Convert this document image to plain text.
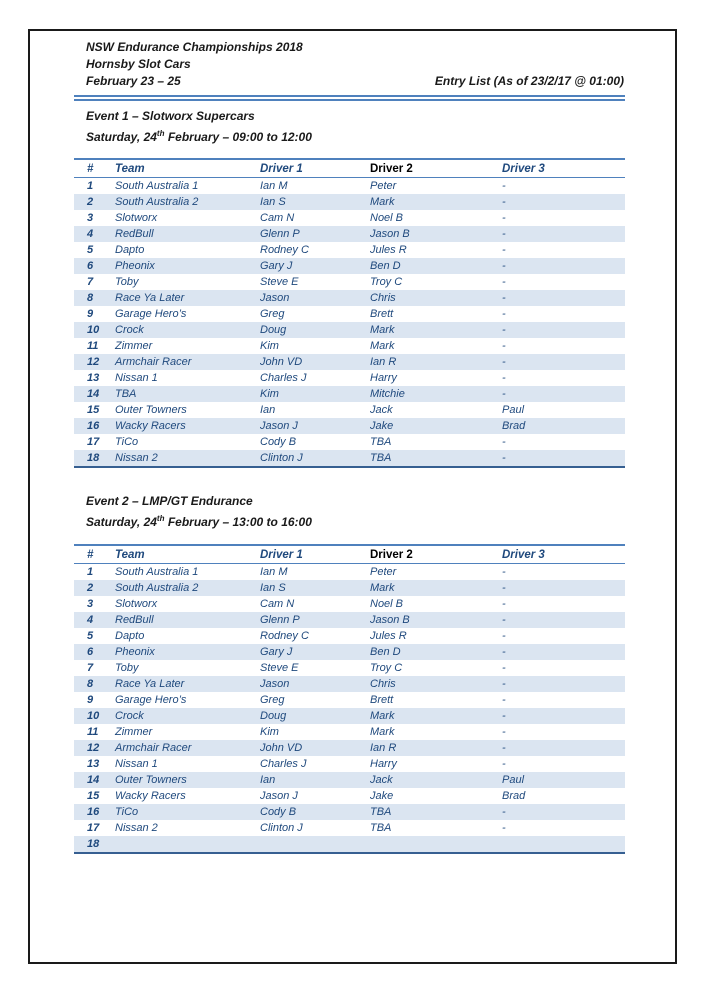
NSW Endurance Championships 2018
Hornsby Slot Cars
February 23 – 25	Entry List (As of 23/2/17 @ 01:00)
Event 1 – Slotworx Supercars
Saturday, 24th February – 09:00 to 12:00
#	Team	Driver 1	Driver 2	Driver 3
1	South Australia 1	Ian M	Peter	-
2	South Australia 2	Ian S	Mark	-
3	Slotworx	Cam N	Noel B	-
4	RedBull	Glenn P	Jason B	-
5	Dapto	Rodney C	Jules R	-
6	Pheonix	Gary J	Ben D	-
7	Toby	Steve E	Troy C	-
8	Race Ya Later	Jason	Chris	-
9	Garage Hero’s	Greg	Brett	-
10	Crock	Doug	Mark	-
11	Zimmer	Kim	Mark	-
12	Armchair Racer	John VD	Ian R	-
13	Nissan 1	Charles J	Harry	-
14	TBA	Kim	Mitchie	-
15	Outer Towners	Ian	Jack	Paul
16	Wacky Racers	Jason J	Jake	Brad
17	TiCo	Cody B	TBA	-
18	Nissan 2	Clinton J	TBA	-
Event 2 – LMP/GT Endurance
Saturday, 24th February – 13:00 to 16:00
#	Team	Driver 1	Driver 2	Driver 3
1	South Australia 1	Ian M	Peter	-
2	South Australia 2	Ian S	Mark	-
3	Slotworx	Cam N	Noel B	-
4	RedBull	Glenn P	Jason B	-
5	Dapto	Rodney C	Jules R	-
6	Pheonix	Gary J	Ben D	-
7	Toby	Steve E	Troy C	-
8	Race Ya Later	Jason	Chris	-
9	Garage Hero’s	Greg	Brett	-
10	Crock	Doug	Mark	-
11	Zimmer	Kim	Mark	-
12	Armchair Racer	John VD	Ian R	-
13	Nissan 1	Charles J	Harry	-
14	Outer Towners	Ian	Jack	Paul
15	Wacky Racers	Jason J	Jake	Brad
16	TiCo	Cody B	TBA	-
17	Nissan 2	Clinton J	TBA	-
18				
